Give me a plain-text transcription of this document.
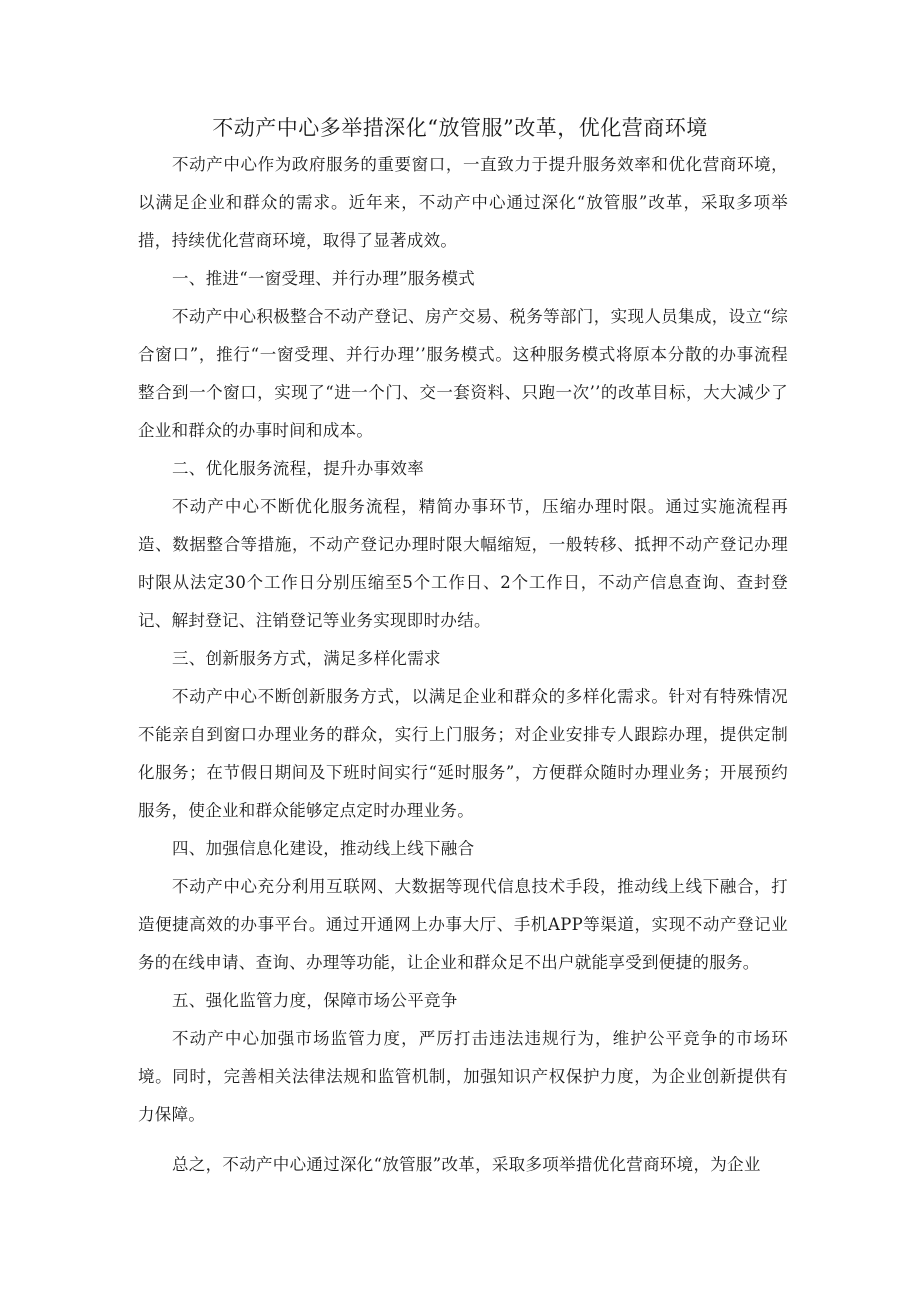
不动产中心多举措深化“放管服”改革，优化营商环境

不动产中心作为政府服务的重要窗口，一直致力于提升服务效率和优化营商环境，以满足企业和群众的需求。近年来，不动产中心通过深化“放管服”改革，采取多项举措，持续优化营商环境，取得了显著成效。

一、推进“一窗受理、并行办理”服务模式

不动产中心积极整合不动产登记、房产交易、税务等部门，实现人员集成，设立“综合窗口”，推行“一窗受理、并行办理’’服务模式。这种服务模式将原本分散的办事流程整合到一个窗口，实现了“进一个门、交一套资料、只跑一次’’的改革目标，大大减少了企业和群众的办事时间和成本。

二、优化服务流程，提升办事效率

不动产中心不断优化服务流程，精简办事环节，压缩办理时限。通过实施流程再造、数据整合等措施，不动产登记办理时限大幅缩短，一般转移、抵押不动产登记办理时限从法定30个工作日分别压缩至5个工作日、2个工作日，不动产信息查询、查封登记、解封登记、注销登记等业务实现即时办结。

三、创新服务方式，满足多样化需求

不动产中心不断创新服务方式，以满足企业和群众的多样化需求。针对有特殊情况不能亲自到窗口办理业务的群众，实行上门服务；对企业安排专人跟踪办理，提供定制化服务；在节假日期间及下班时间实行“延时服务”，方便群众随时办理业务；开展预约服务，使企业和群众能够定点定时办理业务。

四、加强信息化建设，推动线上线下融合

不动产中心充分利用互联网、大数据等现代信息技术手段，推动线上线下融合，打造便捷高效的办事平台。通过开通网上办事大厅、手机APP等渠道，实现不动产登记业务的在线申请、查询、办理等功能，让企业和群众足不出户就能享受到便捷的服务。

五、强化监管力度，保障市场公平竞争

不动产中心加强市场监管力度，严厉打击违法违规行为，维护公平竞争的市场环境。同时，完善相关法律法规和监管机制，加强知识产权保护力度，为企业创新提供有力保障。

总之，不动产中心通过深化“放管服”改革，采取多项举措优化营商环境，为企业
